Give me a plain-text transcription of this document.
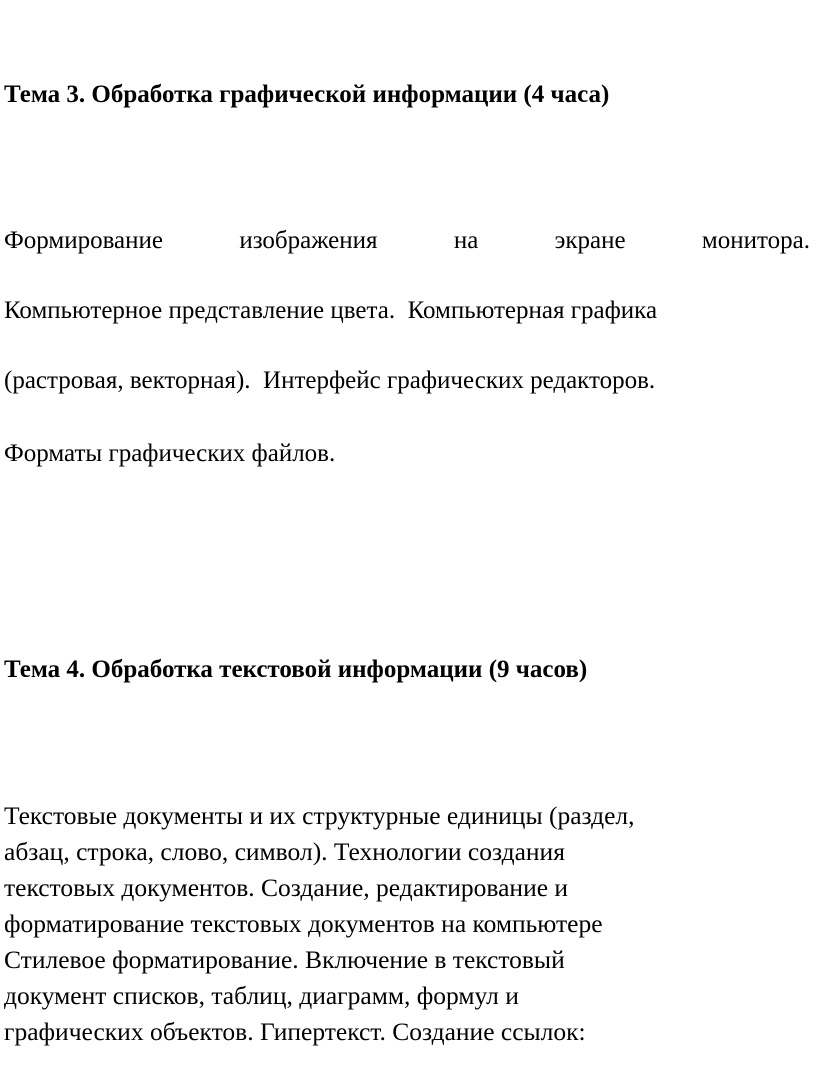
Тема 3. Обработка графической информации (4 часа)

Формирование	изображения	на	экране	монитора.

Компьютерное представление цвета.  Компьютерная графика

(растровая, векторная).  Интерфейс графических редакторов.

Форматы графических файлов.

Тема 4. Обработка текстовой информации (9 часов)

Текстовые документы и их структурные единицы (раздел,
абзац, строка, слово, символ). Технологии создания
текстовых документов. Создание, редактирование и
форматирование текстовых документов на компьютере
Стилевое форматирование. Включение в текстовый
документ списков, таблиц, диаграмм, формул и
графических объектов. Гипертекст. Создание ссылок:
